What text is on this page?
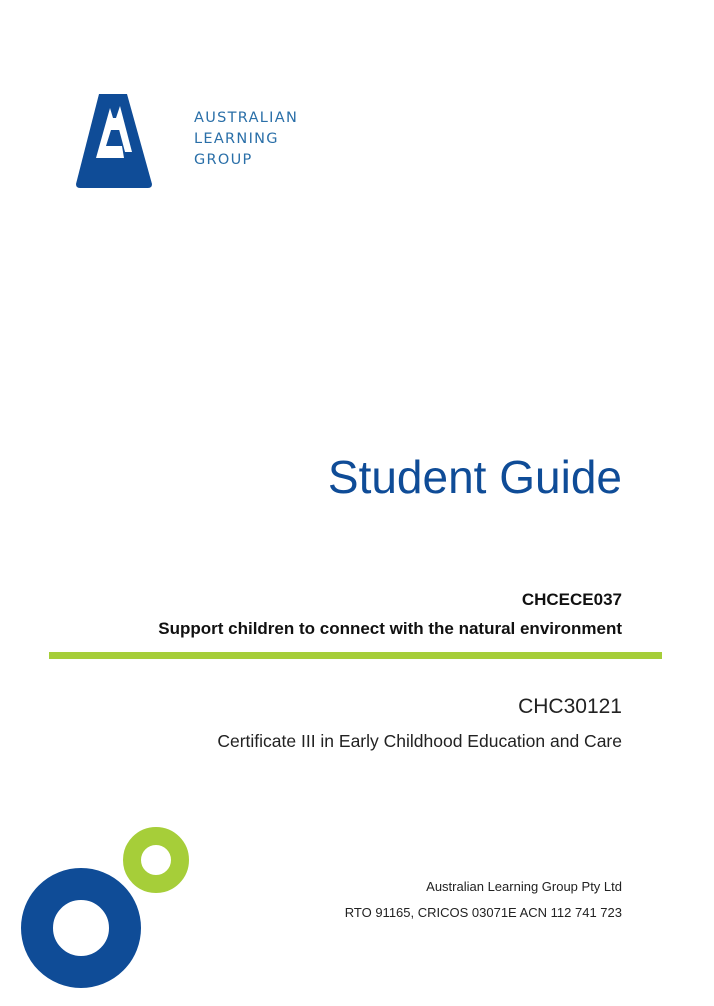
AUSTRALIAN
LEARNING
GROUP
Student Guide
CHCECE037
Support children to connect with the natural environment
CHC30121
Certificate III in Early Childhood Education and Care
Australian Learning Group Pty Ltd
RTO 91165, CRICOS 03071E ACN 112 741 723
